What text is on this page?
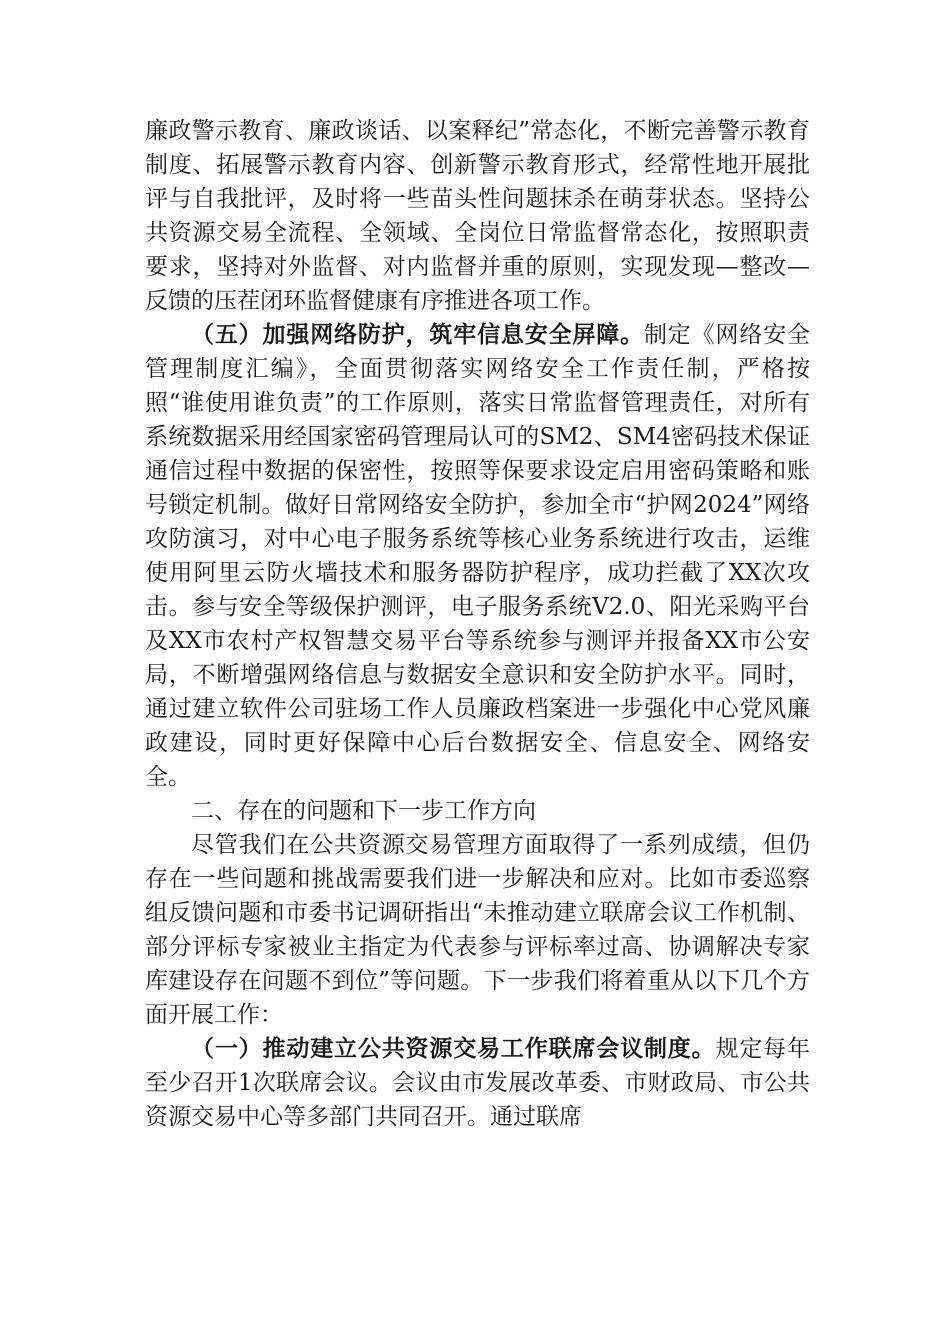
廉政警示教育、廉政谈话、以案释纪”常态化，不断完善警示教育制度、拓展警示教育内容、创新警示教育形式，经常性地开展批评与自我批评，及时将一些苗头性问题抹杀在萌芽状态。坚持公共资源交易全流程、全领域、全岗位日常监督常态化，按照职责要求，坚持对外监督、对内监督并重的原则，实现发现—整改—反馈的压茬闭环监督健康有序推进各项工作。

（五）加强网络防护，筑牢信息安全屏障。制定《网络安全管理制度汇编》，全面贯彻落实网络安全工作责任制，严格按照“谁使用谁负责”的工作原则，落实日常监督管理责任，对所有系统数据采用经国家密码管理局认可的SM2、SM4密码技术保证通信过程中数据的保密性，按照等保要求设定启用密码策略和账号锁定机制。做好日常网络安全防护，参加全市“护网2024”网络攻防演习，对中心电子服务系统等核心业务系统进行攻击，运维使用阿里云防火墙技术和服务器防护程序，成功拦截了XX次攻击。参与安全等级保护测评，电子服务系统V2.0、阳光采购平台及XX市农村产权智慧交易平台等系统参与测评并报备XX市公安局，不断增强网络信息与数据安全意识和安全防护水平。同时，通过建立软件公司驻场工作人员廉政档案进一步强化中心党风廉政建设，同时更好保障中心后台数据安全、信息安全、网络安全。

二、存在的问题和下一步工作方向

尽管我们在公共资源交易管理方面取得了一系列成绩，但仍存在一些问题和挑战需要我们进一步解决和应对。比如市委巡察组反馈问题和市委书记调研指出“未推动建立联席会议工作机制、部分评标专家被业主指定为代表参与评标率过高、协调解决专家库建设存在问题不到位”等问题。下一步我们将着重从以下几个方面开展工作：

（一）推动建立公共资源交易工作联席会议制度。规定每年至少召开1次联席会议。会议由市发展改革委、市财政局、市公共资源交易中心等多部门共同召开。通过联席
